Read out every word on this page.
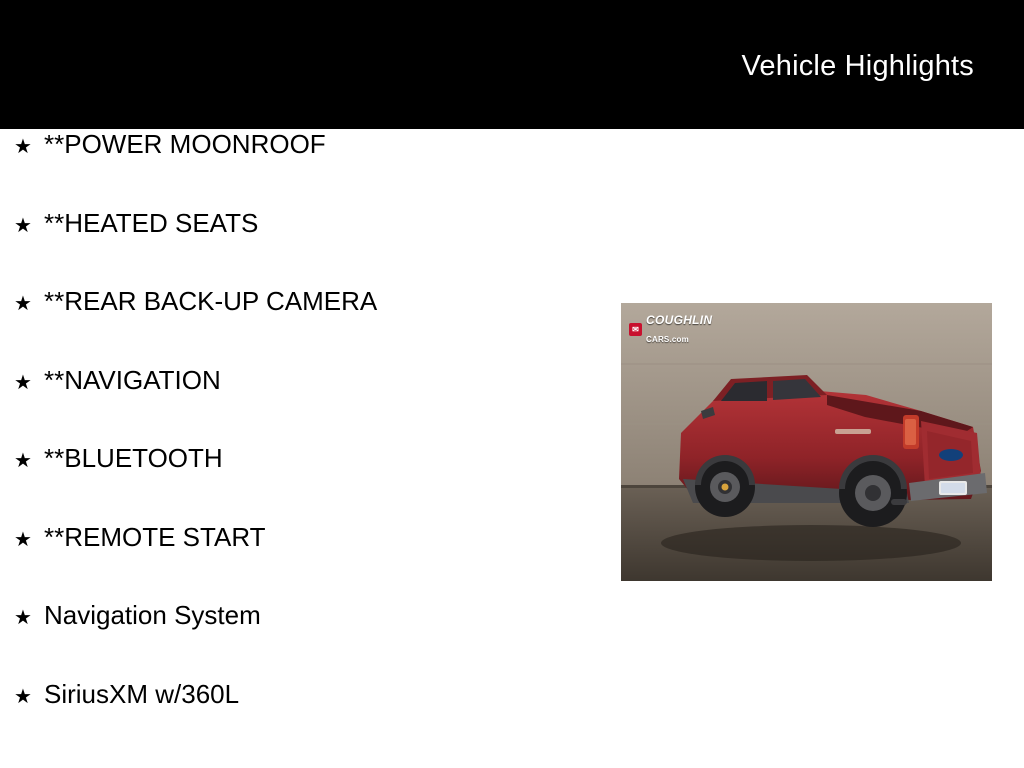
Vehicle Highlights
★ **POWER MOONROOF
★ **HEATED SEATS
★ **REAR BACK-UP CAMERA
★ **NAVIGATION
★ **BLUETOOTH
★ **REMOTE START
★ Navigation System
★ SiriusXM w/360L
✉
COUGHLIN
CARS.com
